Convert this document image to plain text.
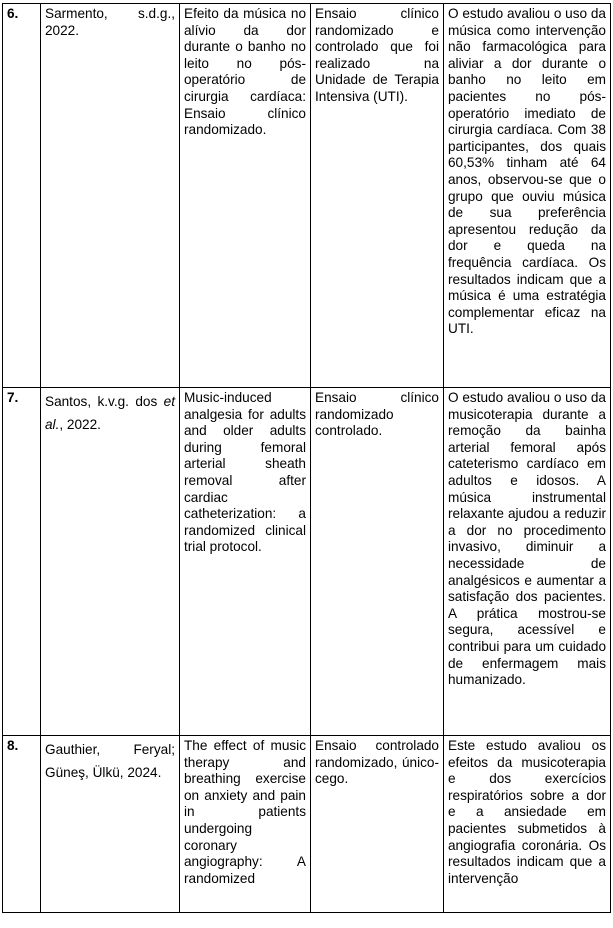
6.	Sarmento, s.d.g., 2022.	Efeito da música no alívio da dor durante o banho no leito no pós-operatório de cirurgia cardíaca: Ensaio clínico randomizado.	Ensaio clínico randomizado e controlado que foi realizado na Unidade de Terapia Intensiva (UTI).	O estudo avaliou o uso da música como intervenção não farmacológica para aliviar a dor durante o banho no leito em pacientes no pós-operatório imediato de cirurgia cardíaca. Com 38 participantes, dos quais 60,53% tinham até 64 anos, observou-se que o grupo que ouviu música de sua preferência apresentou redução da dor e queda na frequência cardíaca. Os resultados indicam que a música é uma estratégia complementar eficaz na UTI.
7.	Santos, k.v.g. dos et al., 2022.	Music-induced analgesia for adults and older adults during femoral arterial sheath removal after cardiac catheterization: a randomized clinical trial protocol.	Ensaio clínico randomizado controlado.	O estudo avaliou o uso da musicoterapia durante a remoção da bainha arterial femoral após cateterismo cardíaco em adultos e idosos. A música instrumental relaxante ajudou a reduzir a dor no procedimento invasivo, diminuir a necessidade de analgésicos e aumentar a satisfação dos pacientes. A prática mostrou-se segura, acessível e contribui para um cuidado de enfermagem mais humanizado.
8.	Gauthier, Feryal; Güneş, Ülkü, 2024.	The effect of music therapy and breathing exercise on anxiety and pain in patients undergoing coronary angiography: A randomized	Ensaio controlado randomizado, único-cego.	Este estudo avaliou os efeitos da musicoterapia e dos exercícios respiratórios sobre a dor e a ansiedade em pacientes submetidos à angiografia coronária. Os resultados indicam que a intervenção
